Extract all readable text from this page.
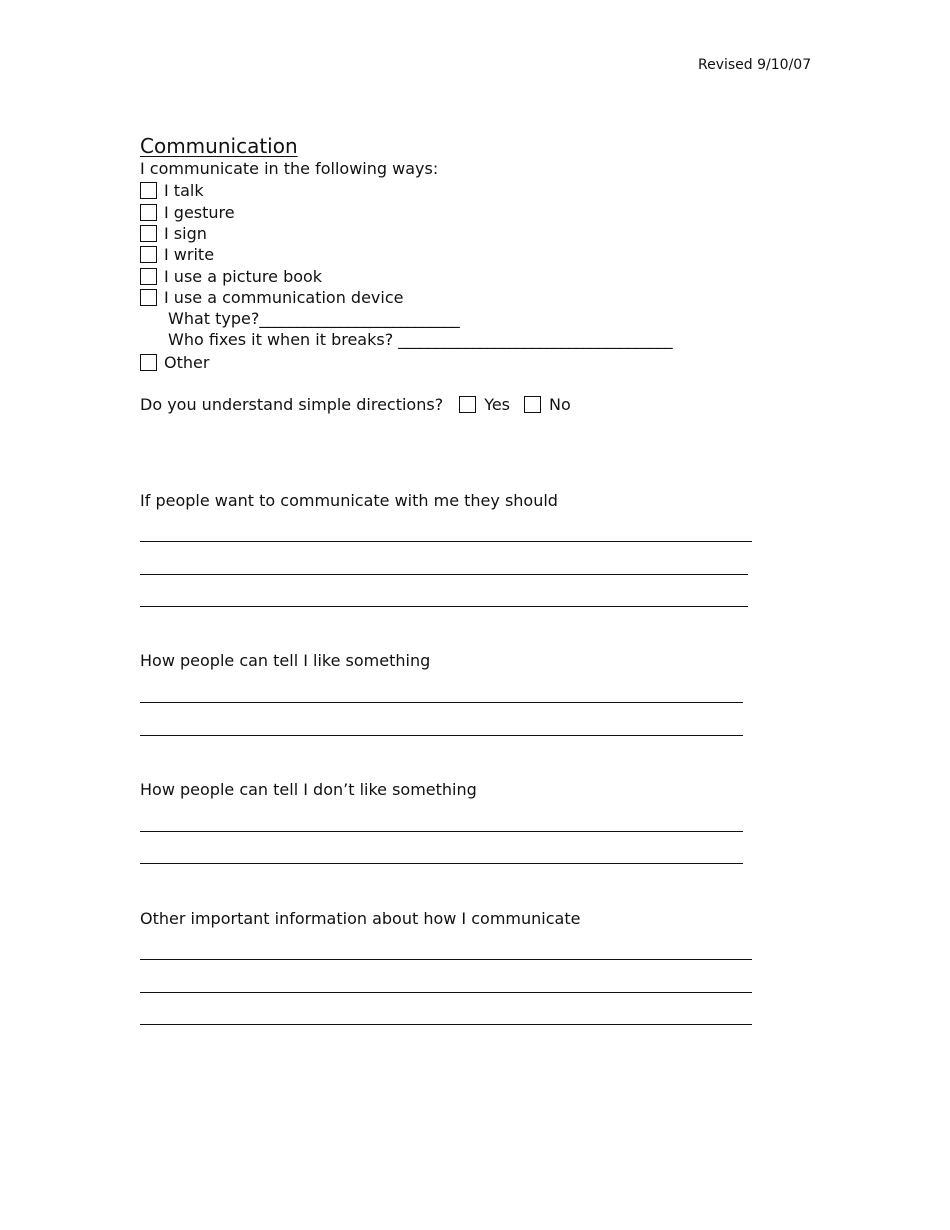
Revised 9/10/07
Communication
I communicate in the following ways:
I talk
I gesture
I sign
I write
I use a picture book
I use a communication device
What type?___________________________
Who fixes it when it breaks? _____________________________________
Other
Do you understand simple directions?	Yes No
If people want to communicate with me they should
How people can tell I like something
How people can tell I don’t like something
Other important information about how I communicate
